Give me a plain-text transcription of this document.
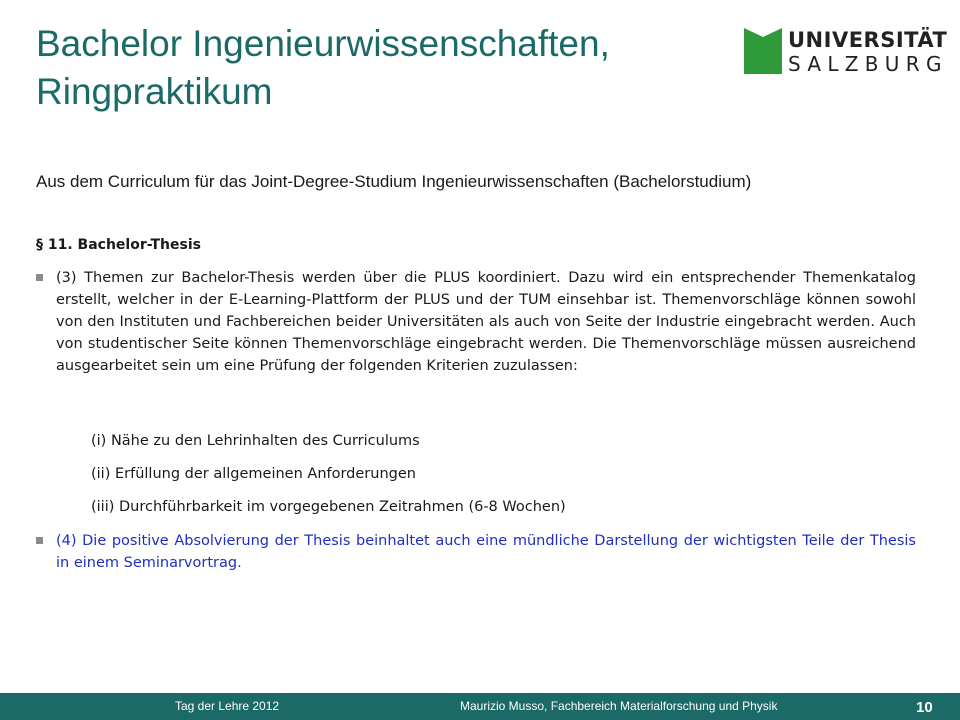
Bachelor Ingenieurwissenschaften, Ringpraktikum
UNIVERSITÄT
SALZBURG
Aus dem Curriculum für das Joint-Degree-Studium Ingenieurwissenschaften (Bachelorstudium)
§ 11. Bachelor-Thesis
(3) Themen zur Bachelor-Thesis werden über die PLUS koordiniert. Dazu wird ein entsprechender Themenkatalog erstellt, welcher in der E-Learning-Plattform der PLUS und der TUM einsehbar ist. Themenvorschläge können sowohl von den Instituten und Fachbereichen beider Universitäten als auch von Seite der Industrie eingebracht werden. Auch von studentischer Seite können Themenvorschläge eingebracht werden. Die Themenvorschläge müssen ausreichend ausgearbeitet sein um eine Prüfung der folgenden Kriterien zuzulassen:
(i) Nähe zu den Lehrinhalten des Curriculums
(ii) Erfüllung der allgemeinen Anforderungen
(iii) Durchführbarkeit im vorgegebenen Zeitrahmen (6-8 Wochen)
(4) Die positive Absolvierung der Thesis beinhaltet auch eine mündliche Darstellung der wichtigsten Teile der Thesis in einem Seminarvortrag.
Tag der Lehre 2012	Maurizio Musso, Fachbereich Materialforschung und Physik	10
